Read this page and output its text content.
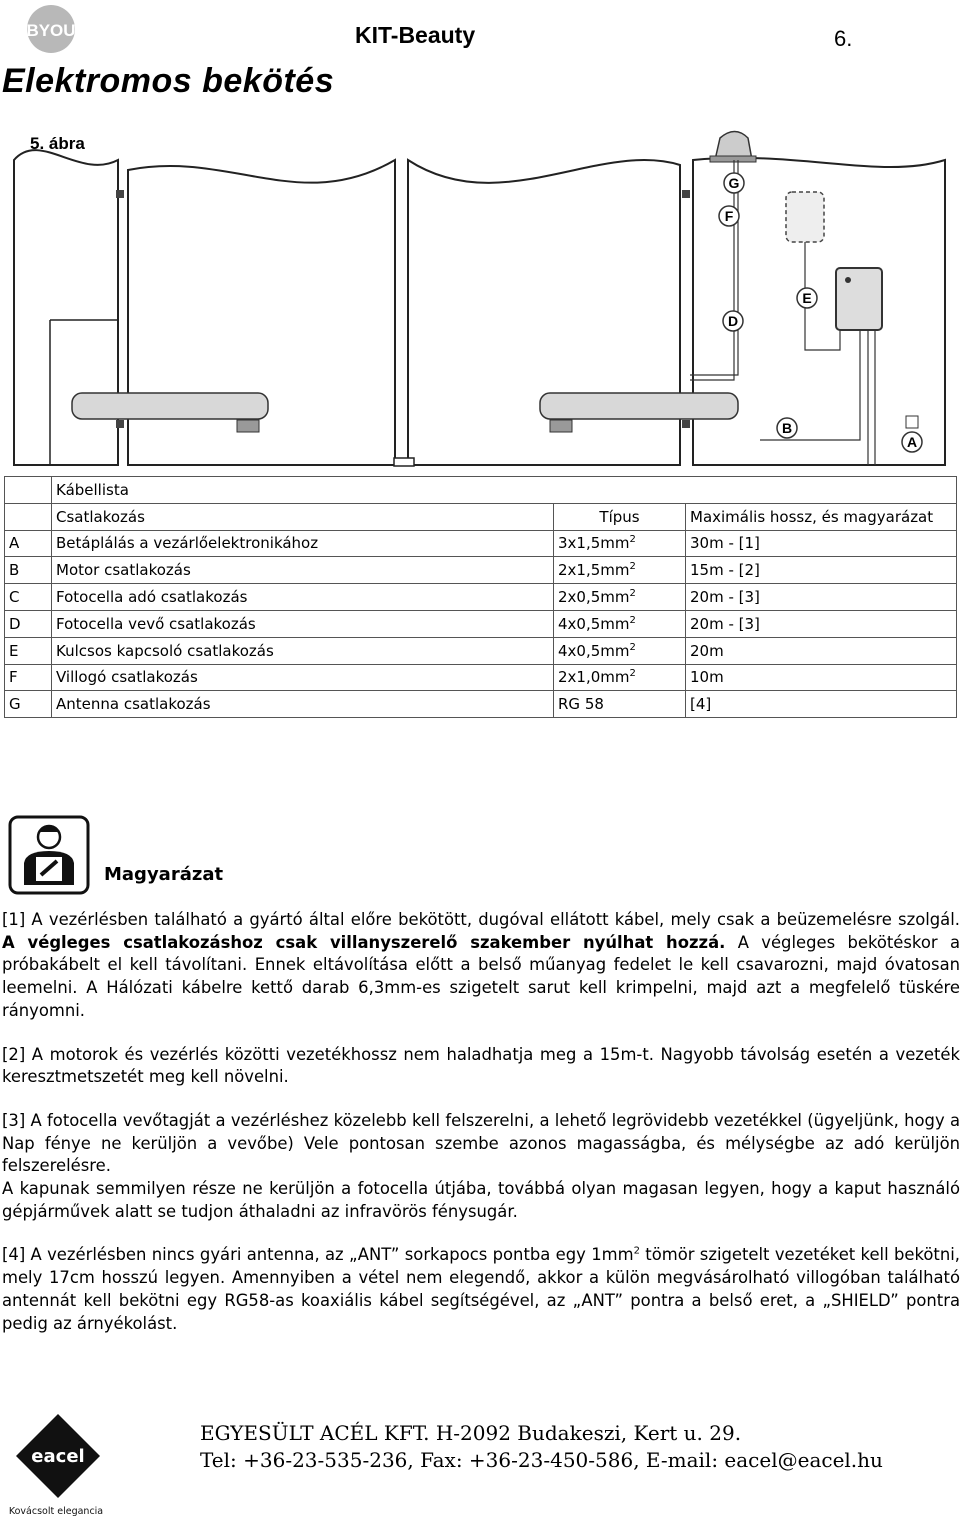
BYOU	KIT-Beauty	6.
Elektromos bekötés
5. ábra
G
F
E
D
B
A
	Kábellista		
	Csatlakozás	Típus	Maximális hossz, és magyarázat
A	Betáplálás a vezárlőelektronikához	$3x1,5mm^2$	30m - [1]
B	Motor csatlakozás	$2x1,5mm^2$	15m - [2]
C	Fotocella adó csatlakozás	$2x0,5mm^2$	20m - [3]
D	Fotocella vevő csatlakozás	$4x0,5mm^2$	20m - [3]
E	Kulcsos kapcsoló csatlakozás	$4x0,5mm^2$	20m
F	Villogó csatlakozás	$2x1,0mm^2$	10m
G	Antenna csatlakozás	RG 58	[4]
Magyarázat

[1] A vezérlésben található a gyártó által előre bekötött, dugóval ellátott kábel, mely csak a beüzemelésre szolgál. A végleges csatlakozáshoz csak villanyszerelő szakember nyúlhat hozzá. A végleges bekötéskor a próbakábelt el kell távolítani. Ennek eltávolítása előtt a belső műanyag fedelet le kell csavarozni, majd óvatosan leemelni. A Hálózati kábelre kettő darab 6,3mm-es szigetelt sarut kell krimpelni, majd azt a megfelelő tüskére rányomni.

[2] A motorok és vezérlés közötti vezetékhossz nem haladhatja meg a 15m-t. Nagyobb távolság esetén a vezeték keresztmetszetét meg kell növelni.

[3] A fotocella vevőtagját a vezérléshez közelebb kell felszerelni, a lehető legrövidebb vezetékkel (ügyeljünk, hogy a Nap fénye ne kerüljön a vevőbe) Vele pontosan szembe azonos magasságba, és mélységbe az adó kerüljön felszerelésre.

A kapunak semmilyen része ne kerüljön a fotocella útjába, továbbá olyan magasan legyen, hogy a kaput használó gépjárművek alatt se tudjon áthaladni az infravörös fénysugár.

[4] A vezérlésben nincs gyári antenna, az „ANT” sorkapocs pontba egy $1mm^2$ tömör szigetelt vezetéket kell bekötni, mely 17cm hosszú legyen. Amennyiben a vétel nem elegendő, akkor a külön megvásárolható villogóban található antennát kell bekötni egy RG58-as koaxiális kábel segítségével, az „ANT” pontra a belső eret, a „SHIELD” pontra pedig az árnyékolást.

eacel
Kovácsolt elegancia
EGYESÜLT ACÉL KFT. H-2092 Budakeszi, Kert u. 29.
Tel: +36-23-535-236, Fax: +36-23-450-586, E-mail: eacel@eacel.hu
